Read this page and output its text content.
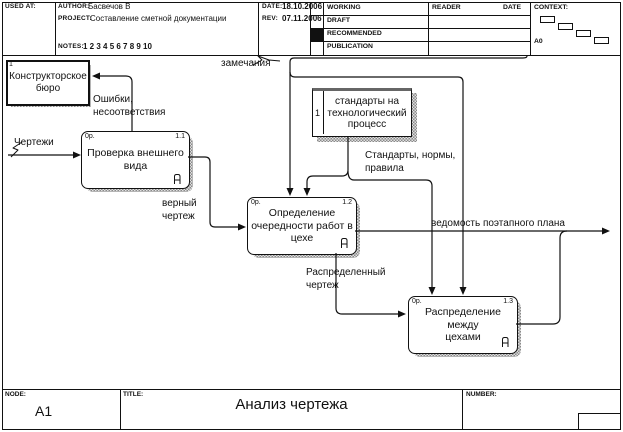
USED AT:	AUTHOR:
Басвечов В
PROJECT:
Составление сметной документации
NOTES: 1 2 3 4 5 6 7 8 9 10
DATE: 18.10.2006
REV: 07.11.2006
WORKING
DRAFT
RECOMMENDED
PUBLICATION
READER	DATE CONTEXT:
A0
Конструкторское
бюро
1
стандарты на
технологический
процесс
1
Проверка внешнего
вида
0р.	1.1
Определение
очередности работ в
цехе
0р.	1.2
Распределение между
цехами
0р.	1.3
Чертежи
Ошибки,
несоответствия
замечания
верный
чертеж
Стандарты, нормы,
правила
ведомость поэтапного плана
Распределенный
чертеж
NODE:
A1
TITLE:
Анализ чертежа
NUMBER:
